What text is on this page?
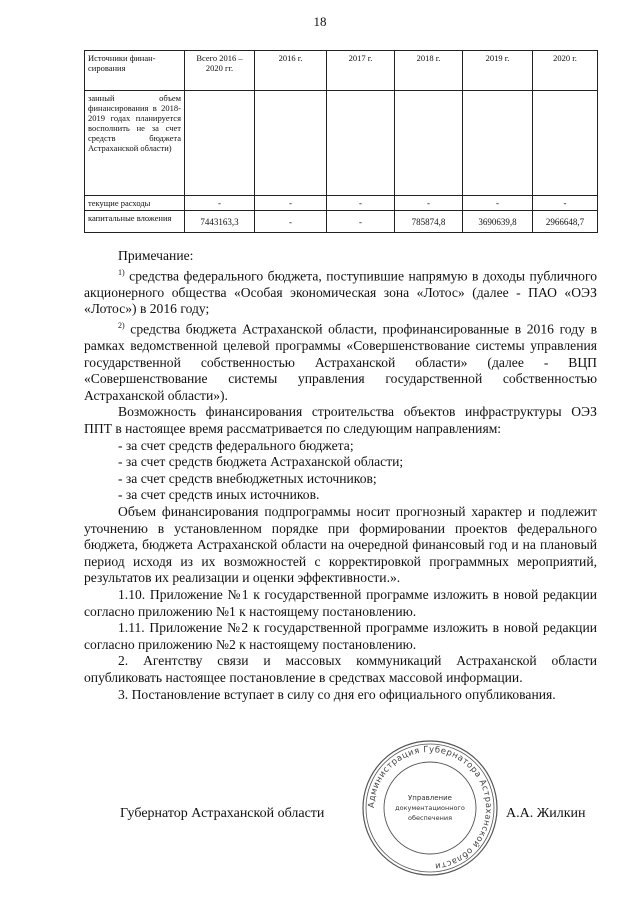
18
Источники финан-сирования	Всего 2016 – 2020 гг.	2016 г.	2017 г.	2018 г.	2019 г.	2020 г.
занный объем финансирования в 2018-2019 годах планируется восполнить не за счет средств бюджета Астраханской области)						
текущие расходы	-	-	-	-	-	-
капитальные вложения	7443163,3	-	-	785874,8	3690639,8	2966648,7

Примечание:

$^{1)}$ средства федерального бюджета, поступившие напрямую в доходы публичного акционерного общества «Особая экономическая зона «Лотос» (далее - ПАО «ОЭЗ «Лотос») в 2016 году;

$^{2)}$ средства бюджета Астраханской области, профинансированные в 2016 году в рамках ведомственной целевой программы «Совершенствование системы управления государственной собственностью Астраханской области» (далее - ВЦП «Совершенствование системы управления государственной собственностью Астраханской области»).

Возможность финансирования строительства объектов инфраструктуры ОЭЗ ППТ в настоящее время рассматривается по следующим направлениям:

- за счет средств федерального бюджета;

- за счет средств бюджета Астраханской области;

- за счет средств внебюджетных источников;

- за счет средств иных источников.

Объем финансирования подпрограммы носит прогнозный характер и подлежит уточнению в установленном порядке при формировании проектов федерального бюджета, бюджета Астраханской области на очередной финансовый год и на плановый период исходя из их возможностей с корректировкой программных мероприятий, результатов их реализации и оценки эффективности.».

1.10. Приложение №1 к государственной программе изложить в новой редакции согласно приложению №1 к настоящему постановлению.

1.11. Приложение №2 к государственной программе изложить в новой редакции согласно приложению №2 к настоящему постановлению.

2. Агентству связи и массовых коммуникаций Астраханской области опубликовать настоящее постановление в средствах массовой информации.

3. Постановление вступает в силу со дня его официального опубликования.

Губернатор Астраханской области	А.А. Жилкин
Администрация Губернатора Астраханской области
Управление
документационного
обеспечения
